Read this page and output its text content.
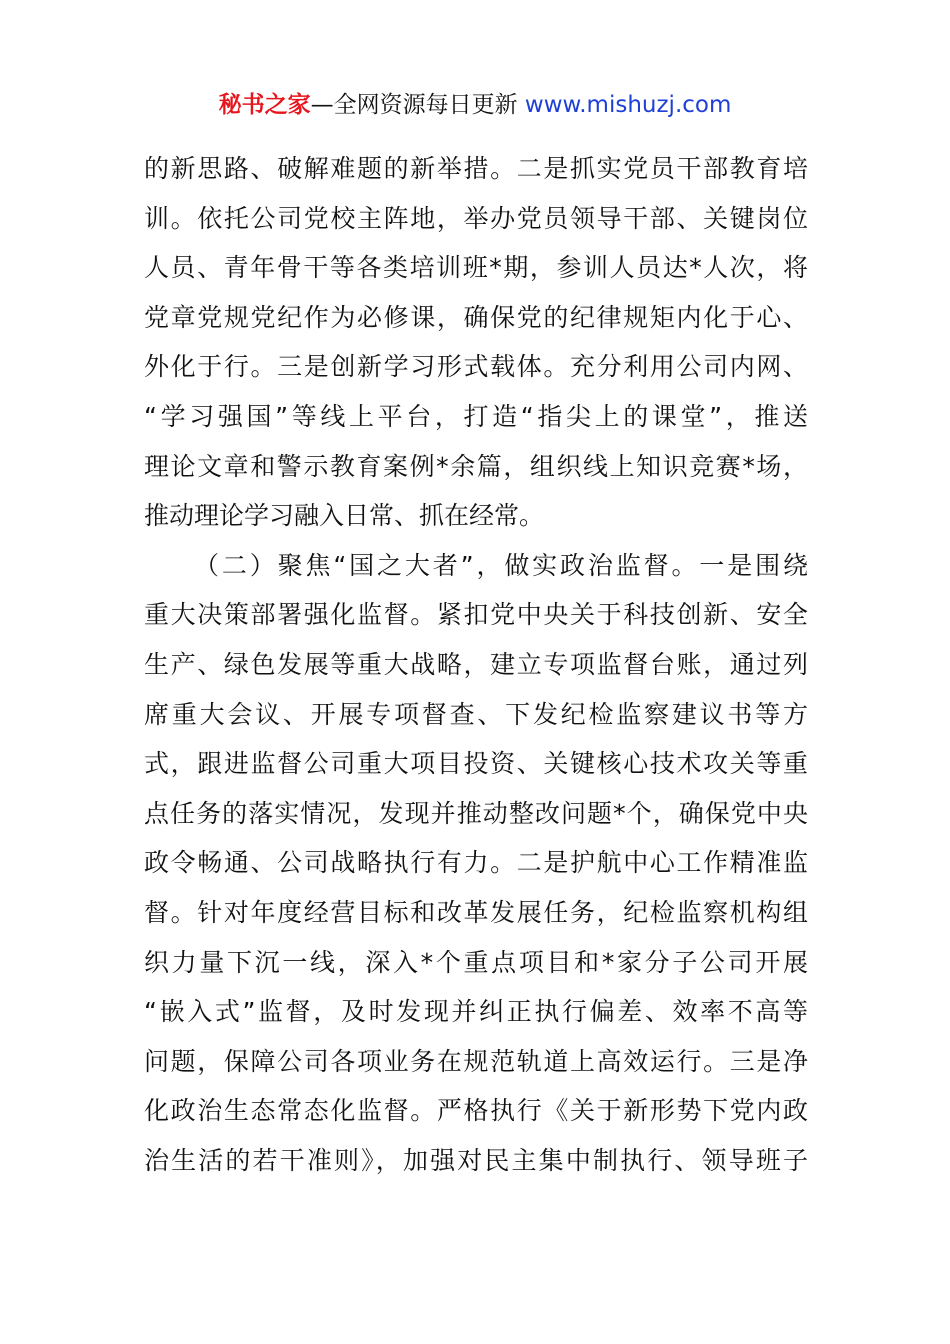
秘书之家—全网资源每日更新 www.mishuzj.com
的新思路、破解难题的新举措。二是抓实党员干部教育培
训。依托公司党校主阵地，举办党员领导干部、关键岗位
人员、青年骨干等各类培训班*期，参训人员达*人次，将
党章党规党纪作为必修课，确保党的纪律规矩内化于心、
外化于行。三是创新学习形式载体。充分利用公司内网、
“学习强国”等线上平台，打造“指尖上的课堂”，推送
理论文章和警示教育案例*余篇，组织线上知识竞赛*场，
推动理论学习融入日常、抓在经常。
（二）聚焦“国之大者”，做实政治监督。一是围绕
重大决策部署强化监督。紧扣党中央关于科技创新、安全
生产、绿色发展等重大战略，建立专项监督台账，通过列
席重大会议、开展专项督查、下发纪检监察建议书等方
式，跟进监督公司重大项目投资、关键核心技术攻关等重
点任务的落实情况，发现并推动整改问题*个，确保党中央
政令畅通、公司战略执行有力。二是护航中心工作精准监
督。针对年度经营目标和改革发展任务，纪检监察机构组
织力量下沉一线，深入*个重点项目和*家分子公司开展
“嵌入式”监督，及时发现并纠正执行偏差、效率不高等
问题，保障公司各项业务在规范轨道上高效运行。三是净
化政治生态常态化监督。严格执行《关于新形势下党内政
治生活的若干准则》，加强对民主集中制执行、领导班子
